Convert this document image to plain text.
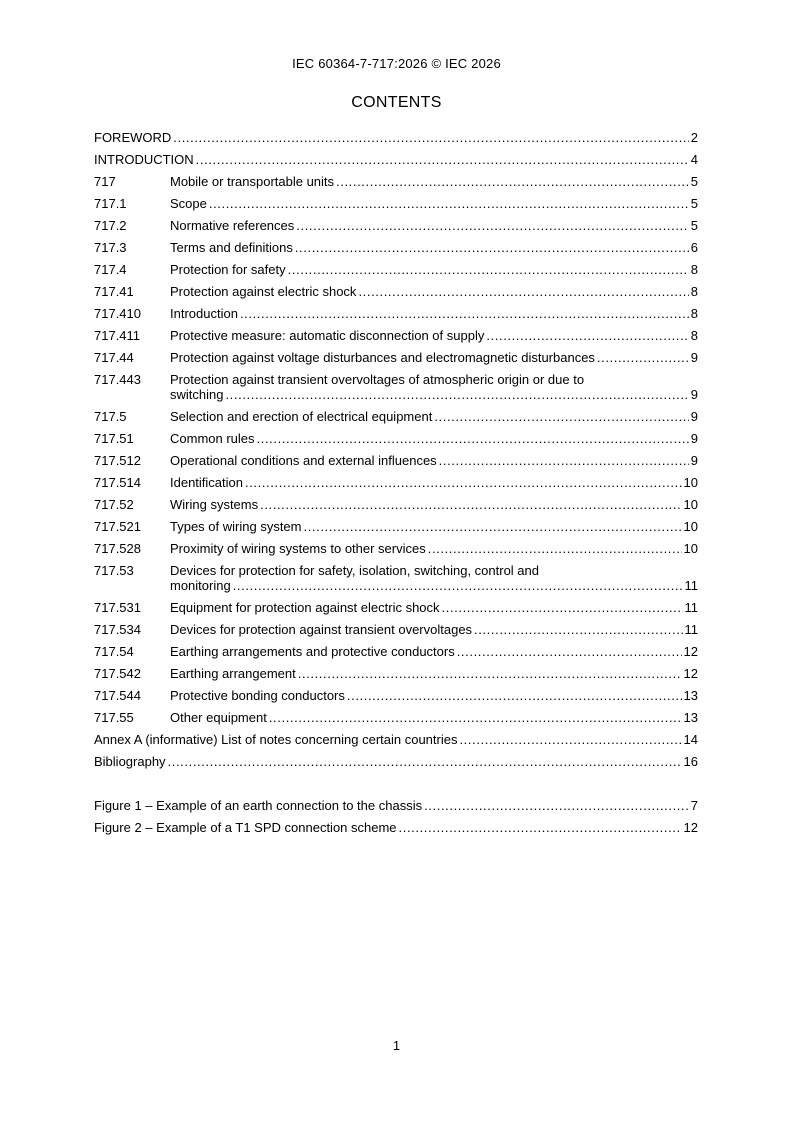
IEC 60364-7-717:2026 © IEC 2026
CONTENTS
FOREWORD .....	2
INTRODUCTION .....	4
717	Mobile or transportable units .....	5
717.1	Scope .....	5
717.2	Normative references .....	5
717.3	Terms and definitions .....	6
717.4	Protection for safety .....	8
717.41	Protection against electric shock .....	8
717.410	Introduction .....	8
717.411	Protective measure: automatic disconnection of supply .....	8
717.44	Protection against voltage disturbances and electromagnetic disturbances .....	9
717.443	Protection against transient overvoltages of atmospheric origin or due to
switching .....	9
717.5	Selection and erection of electrical equipment .....	9
717.51	Common rules .....	9
717.512	Operational conditions and external influences .....	9
717.514	Identification .....	10
717.52	Wiring systems .....	10
717.521	Types of wiring system .....	10
717.528	Proximity of wiring systems to other services .....	10
717.53	Devices for protection for safety, isolation, switching, control and
monitoring .....	11
717.531	Equipment for protection against electric shock .....	11
717.534	Devices for protection against transient overvoltages .....	11
717.54	Earthing arrangements and protective conductors .....	12
717.542	Earthing arrangement .....	12
717.544	Protective bonding conductors .....	13
717.55	Other equipment .....	13
Annex A (informative) List of notes concerning certain countries .....	14
Bibliography .....	16
Figure 1 – Example of an earth connection to the chassis .....	7
Figure 2 – Example of a T1 SPD connection scheme .....	12
1
